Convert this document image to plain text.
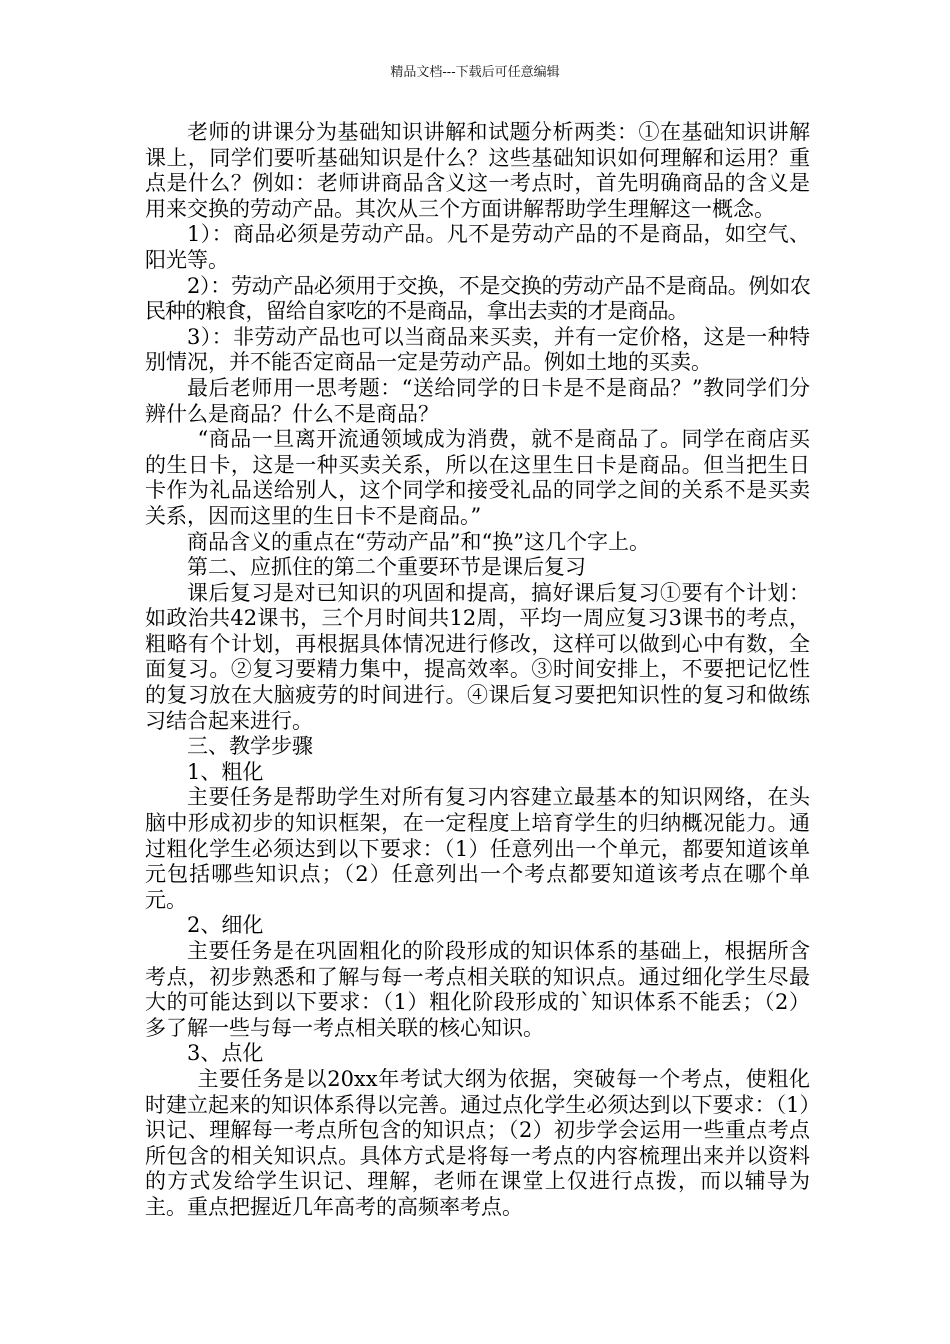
精品文档---下载后可任意编辑

老师的讲课分为基础知识讲解和试题分析两类：①在基础知识讲解课上，同学们要听基础知识是什么？这些基础知识如何理解和运用？重点是什么？例如：老师讲商品含义这一考点时，首先明确商品的含义是用来交换的劳动产品。其次从三个方面讲解帮助学生理解这一概念。

1）：商品必须是劳动产品。凡不是劳动产品的不是商品，如空气、阳光等。

2）：劳动产品必须用于交换，不是交换的劳动产品不是商品。例如农民种的粮食，留给自家吃的不是商品，拿出去卖的才是商品。

3）：非劳动产品也可以当商品来买卖，并有一定价格，这是一种特别情况，并不能否定商品一定是劳动产品。例如土地的买卖。

最后老师用一思考题：“送给同学的日卡是不是商品？”教同学们分辨什么是商品？什么不是商品？

“商品一旦离开流通领域成为消费，就不是商品了。同学在商店买的生日卡，这是一种买卖关系，所以在这里生日卡是商品。但当把生日卡作为礼品送给别人，这个同学和接受礼品的同学之间的关系不是买卖关系，因而这里的生日卡不是商品。”

商品含义的重点在“劳动产品”和“换”这几个字上。

第二、应抓住的第二个重要环节是课后复习

课后复习是对已知识的巩固和提高，搞好课后复习①要有个计划：如政治共42课书，三个月时间共12周，平均一周应复习3课书的考点，粗略有个计划，再根据具体情况进行修改，这样可以做到心中有数，全面复习。②复习要精力集中，提高效率。③时间安排上，不要把记忆性的复习放在大脑疲劳的时间进行。④课后复习要把知识性的复习和做练习结合起来进行。

三、教学步骤

1、粗化

主要任务是帮助学生对所有复习内容建立最基本的知识网络，在头脑中形成初步的知识框架，在一定程度上培育学生的归纳概况能力。通过粗化学生必须达到以下要求：（1）任意列出一个单元，都要知道该单元包括哪些知识点；（2）任意列出一个考点都要知道该考点在哪个单元。

2、细化

主要任务是在巩固粗化的阶段形成的知识体系的基础上，根据所含考点，初步熟悉和了解与每一考点相关联的知识点。通过细化学生尽最大的可能达到以下要求：（1）粗化阶段形成的`知识体系不能丢；（2）多了解一些与每一考点相关联的核心知识。

3、点化

主要任务是以20xx年考试大纲为依据，突破每一个考点，使粗化时建立起来的知识体系得以完善。通过点化学生必须达到以下要求：（1）识记、理解每一考点所包含的知识点；（2）初步学会运用一些重点考点所包含的相关知识点。具体方式是将每一考点的内容梳理出来并以资料的方式发给学生识记、理解，老师在课堂上仅进行点拨，而以辅导为主。重点把握近几年高考的高频率考点。
